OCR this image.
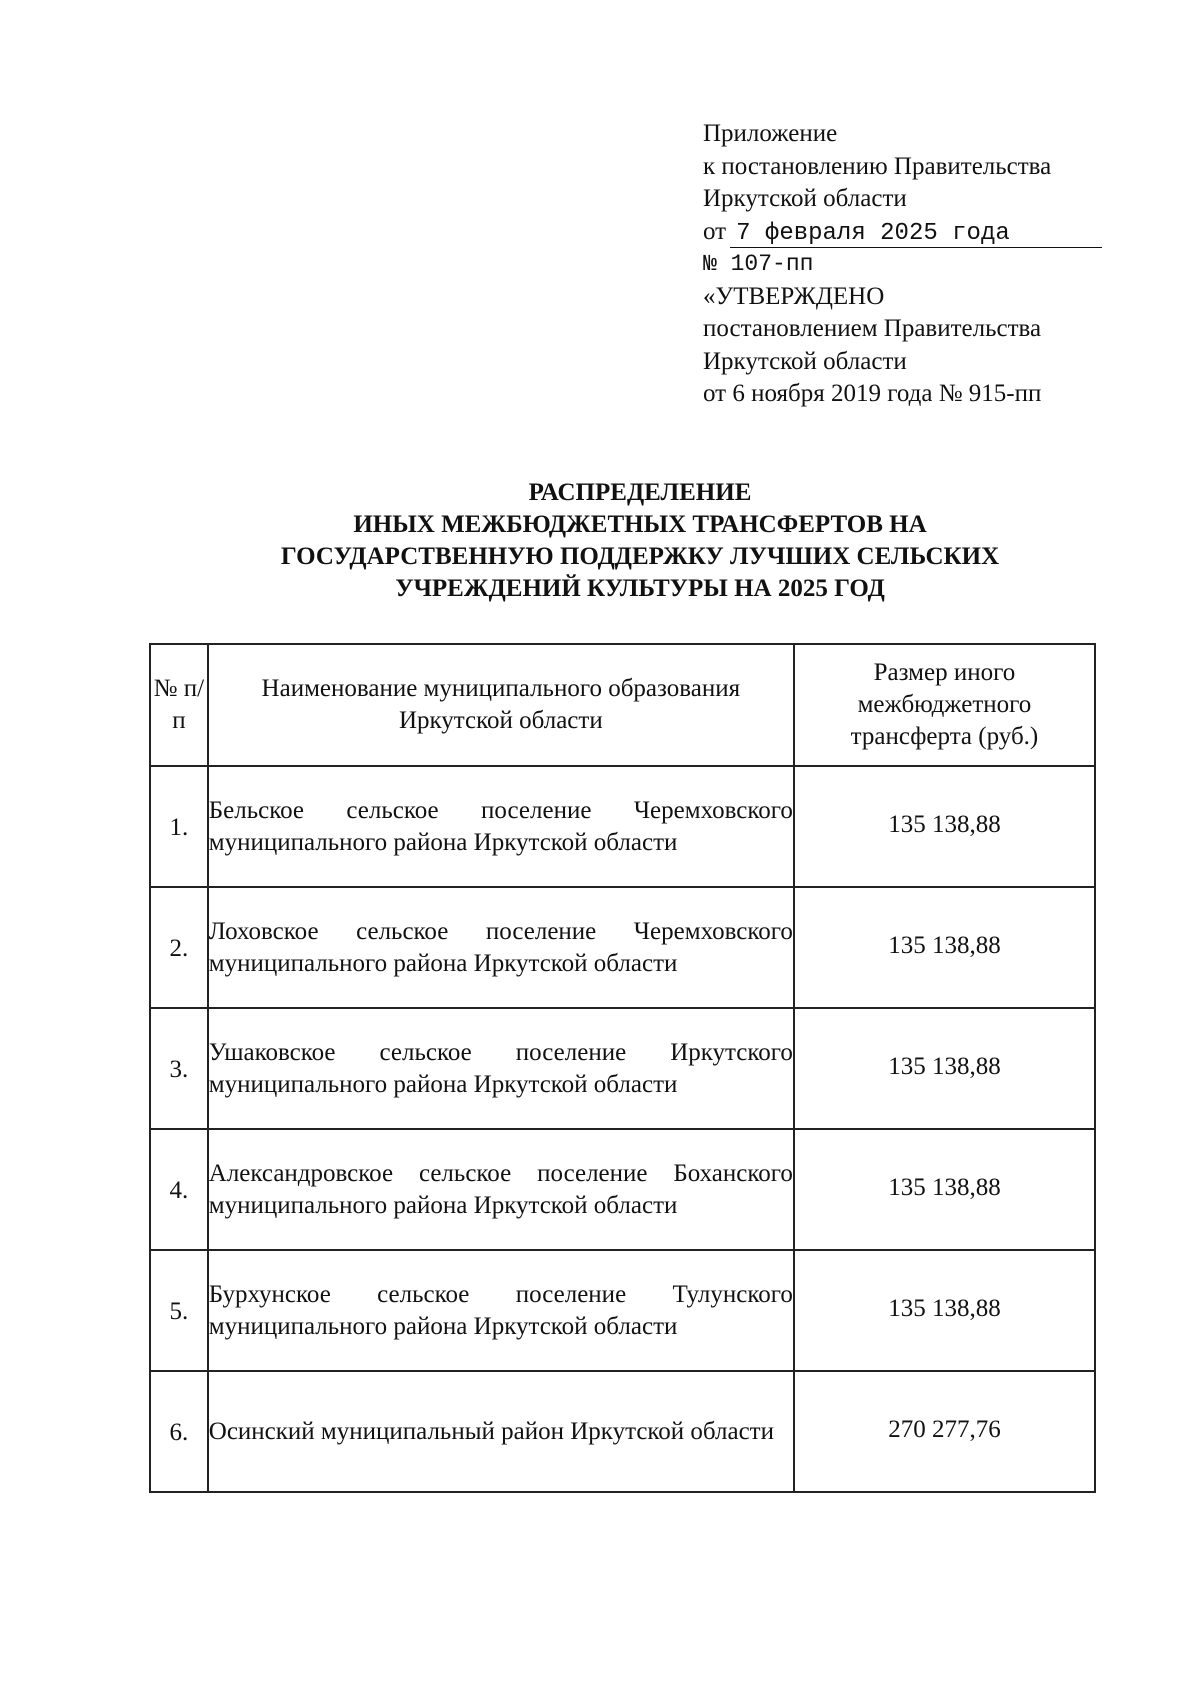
Приложение
к постановлению Правительства
Иркутской области
от 7 февраля 2025 года
№ 107-пп
«УТВЕРЖДЕНО
постановлением Правительства
Иркутской области
от 6 ноября 2019 года № 915-пп
РАСПРЕДЕЛЕНИЕ
ИНЫХ МЕЖБЮДЖЕТНЫХ ТРАНСФЕРТОВ НА
ГОСУДАРСТВЕННУЮ ПОДДЕРЖКУ ЛУЧШИХ СЕЛЬСКИХ
УЧРЕЖДЕНИЙ КУЛЬТУРЫ НА 2025 ГОД
№ п/п	Наименование муниципального образования Иркутской области	Размер иного межбюджетного трансферта (руб.)
1.	Бельское сельское поселение Черемховского муниципального района Иркутской области	135 138,88
2.	Лоховское сельское поселение Черемховского муниципального района Иркутской области	135 138,88
3.	Ушаковское сельское поселение Иркутского муниципального района Иркутской области	135 138,88
4.	Александровское сельское поселение Боханского муниципального района Иркутской области	135 138,88
5.	Бурхунское сельское поселение Тулунского муниципального района Иркутской области	135 138,88
6.	Осинский муниципальный район Иркутской области	270 277,76
